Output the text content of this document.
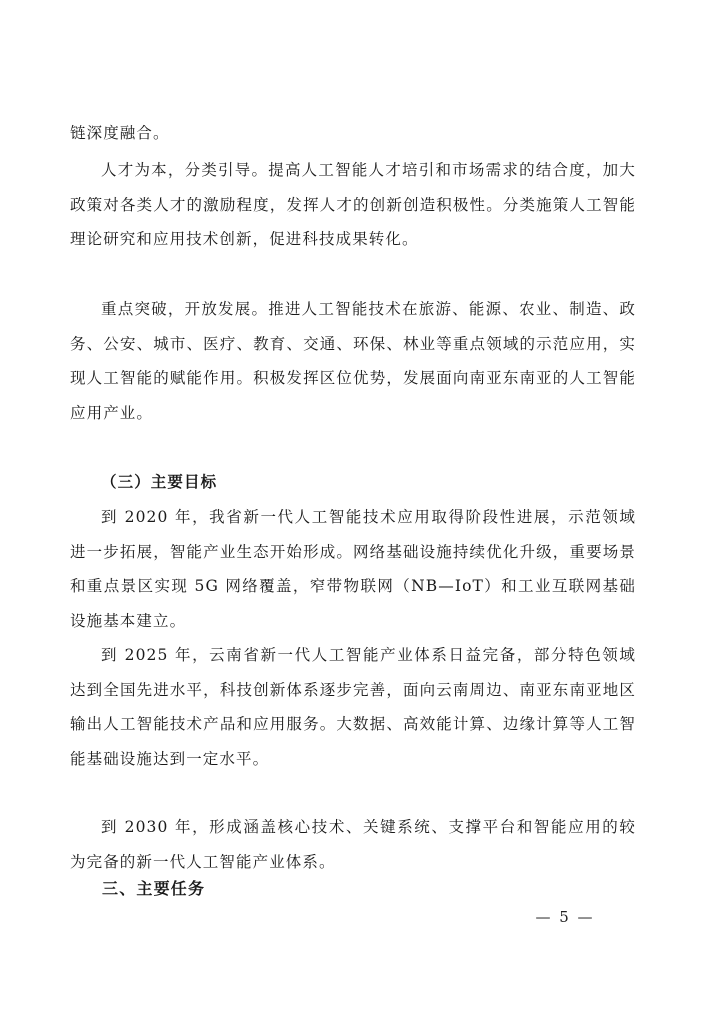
链深度融合。

人才为本，分类引导。提高人工智能人才培引和市场需求的结合度，加大政策对各类人才的激励程度，发挥人才的创新创造积极性。分类施策人工智能理论研究和应用技术创新，促进科技成果转化。

重点突破，开放发展。推进人工智能技术在旅游、能源、农业、制造、政务、公安、城市、医疗、教育、交通、环保、林业等重点领域的示范应用，实现人工智能的赋能作用。积极发挥区位优势，发展面向南亚东南亚的人工智能应用产业。

（三）主要目标

到 2020 年，我省新一代人工智能技术应用取得阶段性进展，示范领域进一步拓展，智能产业生态开始形成。网络基础设施持续优化升级，重要场景和重点景区实现 5G 网络覆盖，窄带物联网（NB—IoT）和工业互联网基础设施基本建立。

到 2025 年，云南省新一代人工智能产业体系日益完备，部分特色领域达到全国先进水平，科技创新体系逐步完善，面向云南周边、南亚东南亚地区输出人工智能技术产品和应用服务。大数据、高效能计算、边缘计算等人工智能基础设施达到一定水平。

到 2030 年，形成涵盖核心技术、关键系统、支撑平台和智能应用的较为完备的新一代人工智能产业体系。

三、主要任务

— 5 —
